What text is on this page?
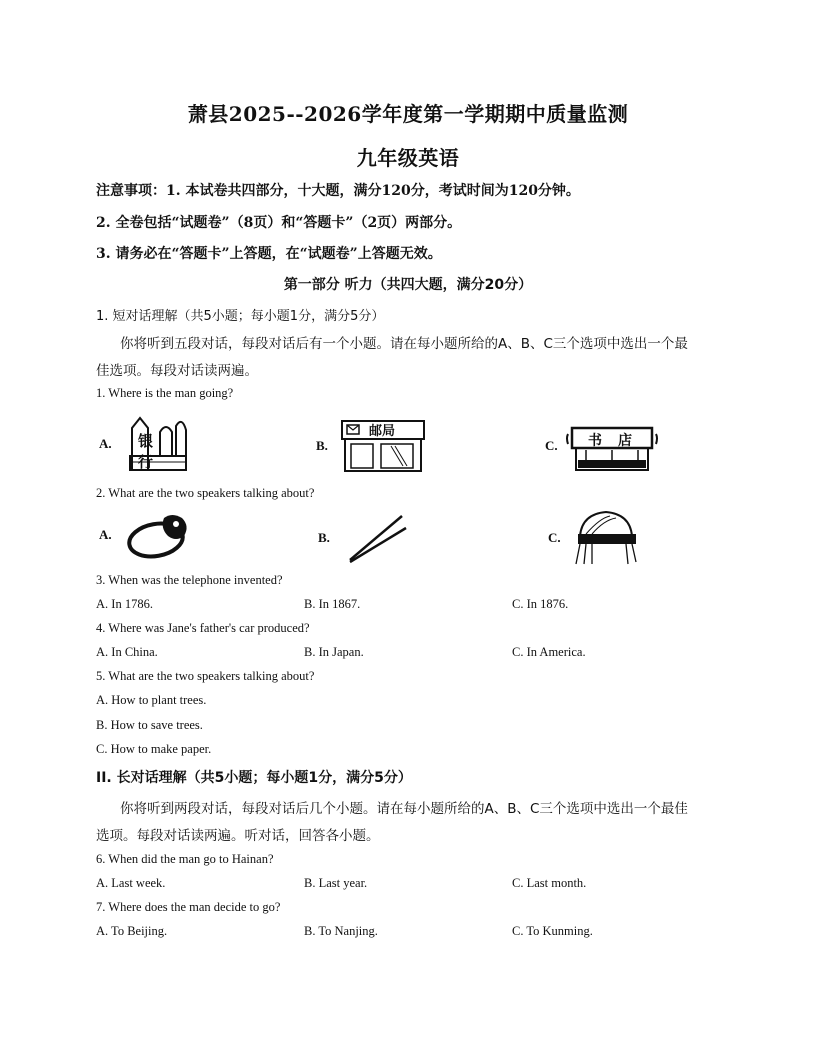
萧县2025--2026学年度第一学期期中质量监测
九年级英语
注意事项：1. 本试卷共四部分，十大题，满分120分，考试时间为120分钟。
2. 全卷包括“试题卷”（8页）和“答题卡”（2页）两部分。
3. 请务必在“答题卡”上答题，在“试题卷”上答题无效。
第一部分 听力（共四大题，满分20分）
1. 短对话理解（共5小题；每小题1分，满分5分）
你将听到五段对话，每段对话后有一个小题。请在每小题所给的A、B、C三个选项中选出一个最
佳选项。每段对话读两遍。
1. Where is the man going?
A.	B.	C.
银
行
邮局
书 店
2. What are the two speakers talking about?
A.	B.	C.
3. When was the telephone invented?
A. In 1786.	B. In 1867.	C. In 1876.
4. Where was Jane's father's car produced?
A. In China.	B. In Japan.	C. In America.
5. What are the two speakers talking about?
A. How to plant trees.
B. How to save trees.
C. How to make paper.
II. 长对话理解（共5小题；每小题1分，满分5分）
你将听到两段对话，每段对话后几个小题。请在每小题所给的A、B、C三个选项中选出一个最佳
选项。每段对话读两遍。听对话，回答各小题。
6. When did the man go to Hainan?
A. Last week.	B. Last year.	C. Last month.
7. Where does the man decide to go?
A. To Beijing.	B. To Nanjing.	C. To Kunming.
